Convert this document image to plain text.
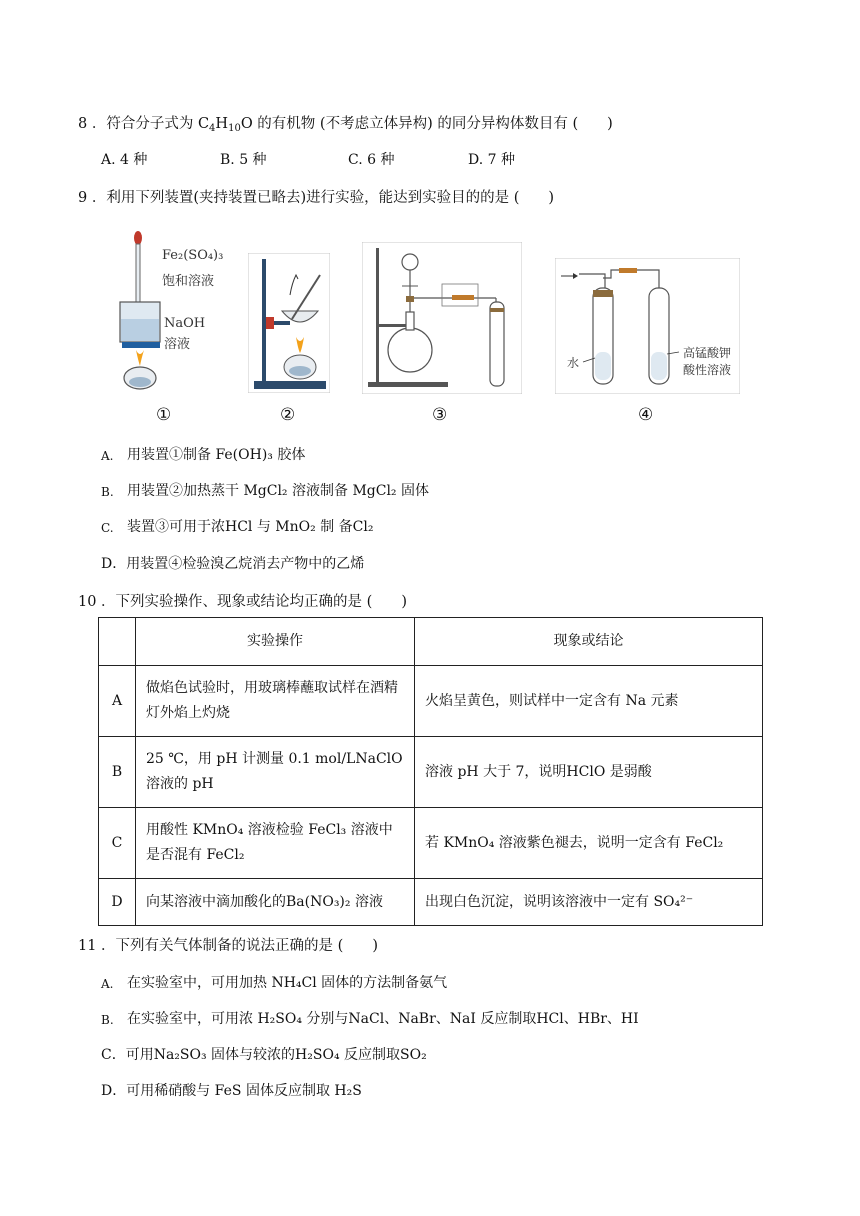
8 ．符合分子式为 $C_4H_{10}O$ 的有机物 (不考虑立体异构) 的同分异构体数目有 (　　)
A. 4 种	B. 5 种	C. 6 种	D. 7 种
9 ．利用下列装置(夹持装置已略去)进行实验，能达到实验目的的是 (　　)
Fe₂(SO₄)₃
饱和溶液
NaOH
溶液
水
高锰酸钾
酸性溶液
①	②	③	④
A. 用装置①制备 Fe(OH)₃ 胶体
B. 用装置②加热蒸干 MgCl₂ 溶液制备 MgCl₂ 固体
C. 装置③可用于浓HCl 与 MnO₂ 制 备Cl₂
D．用装置④检验溴乙烷消去产物中的乙烯
10 ．下列实验操作、现象或结论均正确的是 (　　)
	实验操作	现象或结论
A	做焰色试验时，用玻璃棒蘸取试样在酒精灯外焰上灼烧	火焰呈黄色，则试样中一定含有 Na 元素
B	25 ℃，用 pH 计测量 0.1 mol/LNaClO 溶液的 pH	溶液 pH 大于 7，说明HClO 是弱酸
C	用酸性 KMnO₄ 溶液检验 FeCl₃ 溶液中是否混有 FeCl₂	若 KMnO₄ 溶液紫色褪去，说明一定含有 FeCl₂
D	向某溶液中滴加酸化的Ba(NO₃)₂ 溶液	出现白色沉淀，说明该溶液中一定有 SO₄²⁻
11 ．下列有关气体制备的说法正确的是 (　　)
A. 在实验室中，可用加热 NH₄Cl 固体的方法制备氨气
B. 在实验室中，可用浓 H₂SO₄ 分别与NaCl、NaBr、NaI 反应制取HCl、HBr、HI
C．可用Na₂SO₃ 固体与较浓的H₂SO₄ 反应制取SO₂
D．可用稀硝酸与 FeS 固体反应制取 H₂S
